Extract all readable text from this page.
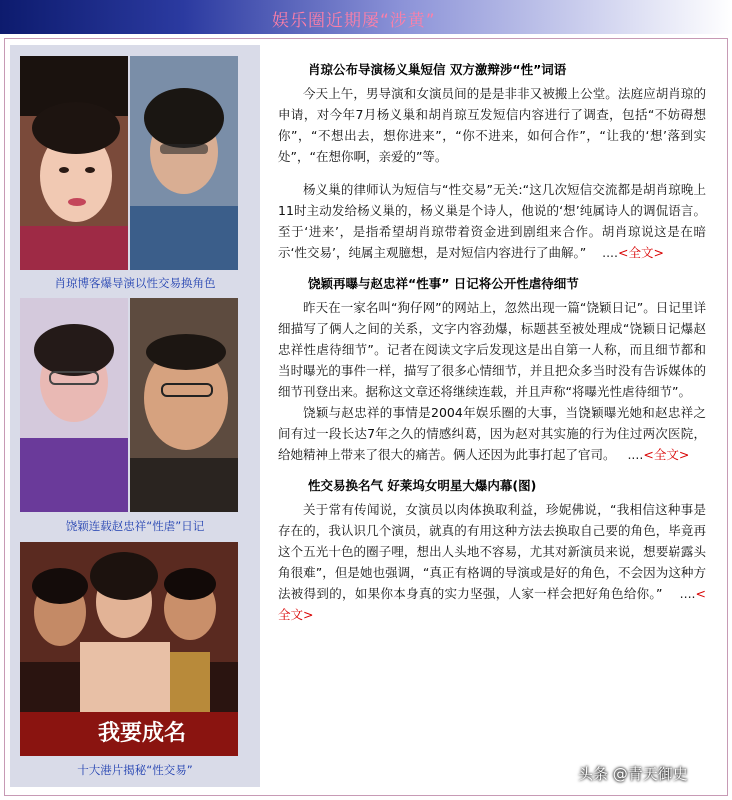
娱乐圈近期屡“涉黄”
肖琼博客爆导演以性交易换角色
饶颖连载赵忠祥“性虐”日记
我要成名
十大港片揭秘“性交易”
肖琼公布导演杨义巢短信 双方激辩涉“性”词语
今天上午，男导演和女演员间的是是非非又被搬上公堂。法庭应胡肖琼的申请，对今年7月杨义巢和胡肖琼互发短信内容进行了调查，包括“不妨碍想你”，“不想出去，想你进来”，“你不进来，如何合作”，“让我的‘想’落到实处”，“在想你啊，亲爱的”等。
杨义巢的律师认为短信与“性交易”无关:“这几次短信交流都是胡肖琼晚上11时主动发给杨义巢的，杨义巢是个诗人，他说的‘想’纯属诗人的调侃语言。至于‘进来’，是指希望胡肖琼带着资金进到剧组来合作。胡肖琼说这是在暗示‘性交易’，纯属主观臆想，是对短信内容进行了曲解。” ....<全文>
饶颖再曝与赵忠祥“性事” 日记将公开性虐待细节
昨天在一家名叫“狗仔网”的网站上，忽然出现一篇“饶颖日记”。日记里详细描写了俩人之间的关系，文字内容劲爆，标题甚至被处理成“饶颖日记爆赵忠祥性虐待细节”。记者在阅读文字后发现这是出自第一人称，而且细节都和当时曝光的事件一样，描写了很多心情细节，并且把众多当时没有告诉媒体的细节刊登出来。据称这文章还将继续连载，并且声称“将曝光性虐待细节”。
饶颖与赵忠祥的事情是2004年娱乐圈的大事，当饶颖曝光她和赵忠祥之间有过一段长达7年之久的情感纠葛，因为赵对其实施的行为住过两次医院，给她精神上带来了很大的痛苦。俩人还因为此事打起了官司。 ....<全文>
性交易换名气 好莱坞女明星大爆内幕(图)
关于常有传闻说，女演员以肉体换取利益，珍妮佛说，“我相信这种事是存在的，我认识几个演员，就真的有用这种方法去换取自己要的角色，毕竟再这个五光十色的圈子哩，想出人头地不容易，尤其对新演员来说，想要崭露头角很难”，但是她也强调，“真正有格调的导演或是好的角色，不会因为这种方法被得到的，如果你本身真的实力坚强，人家一样会把好角色给你。” ....<全文>
头条 @青天御史
